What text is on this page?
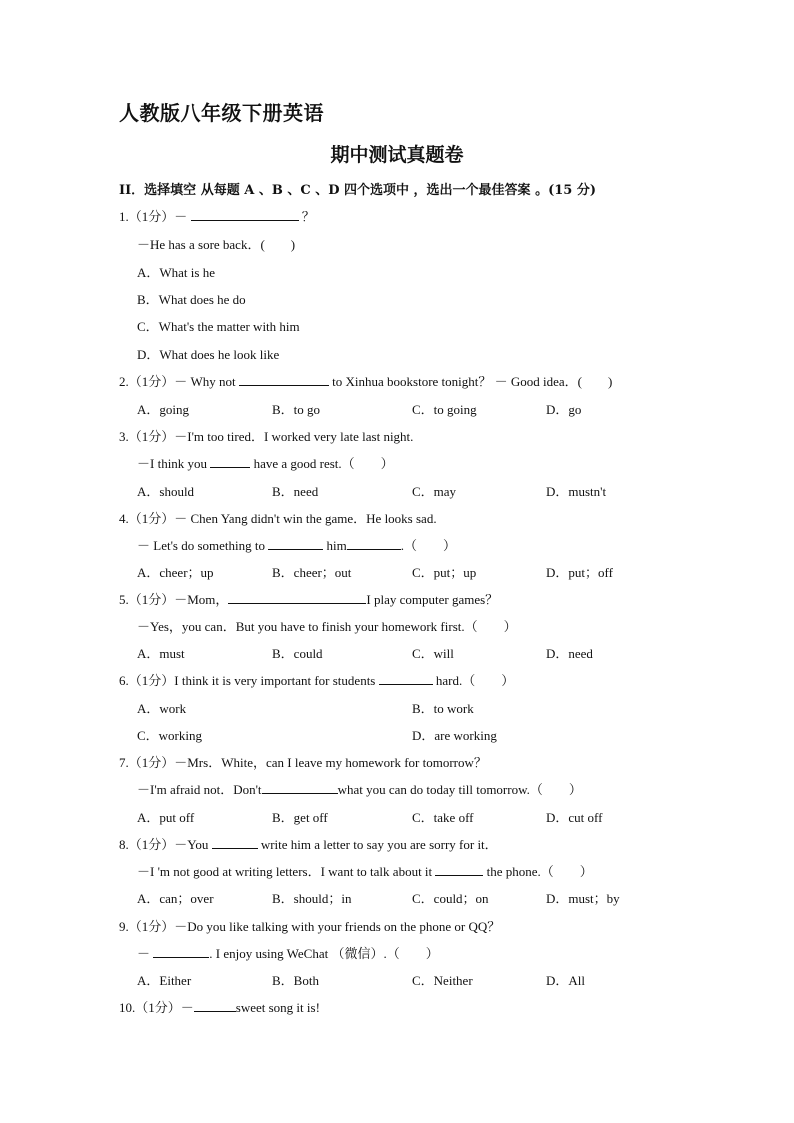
人教版八年级下册英语
期中测试真题卷
II．选择填空 从每题 A 、B 、C 、D 四个选项中 ，选出一个最佳答案 。(15 分)
1.（1分）－	？
－He has a sore back．(　　)
A．What is he
B．What does he do
C．What's the matter with him
D．What does he look like
2.（1分）－ Why not	to Xinhua bookstore tonight？ － Good idea．(　　)
A．going	B．to go	C．to going	D．go
3.（1分）－I'm too tired．I worked very late last night.
－I think you	have a good rest.（　　）
A．should	B．need	C．may	D．mustn't
4.（1分）－ Chen Yang didn't win the game．He looks sad.
－ Let's do something to	him	.（　　）
A．cheer；up	B．cheer；out	C．put；up	D．put；off
5.（1分）－Mom，	I play computer games？
－Yes，you can．But you have to finish your homework first.（　　）
A．must	B．could	C．will	D．need
6.（1分）I think it is very important for students	hard.（　　）
A．work	B．to work
C．working	D．are working
7.（1分）－Mrs．White，can I leave my homework for tomorrow？
－I'm afraid not．Don't	what you can do today till tomorrow.（　　）
A．put off	B．get off	C．take off	D．cut off
8.（1分）－You	write him a letter to say you are sorry for it．
－I 'm not good at writing letters．I want to talk about it	the phone.（　　）
A．can；over	B．should；in	C．could；on	D．must；by
9.（1分）－Do you like talking with your friends on the phone or QQ？
－	. I enjoy using WeChat （微信）.（　　）
A．Either	B．Both	C．Neither	D．All
10.（1分）－	sweet song it is!
